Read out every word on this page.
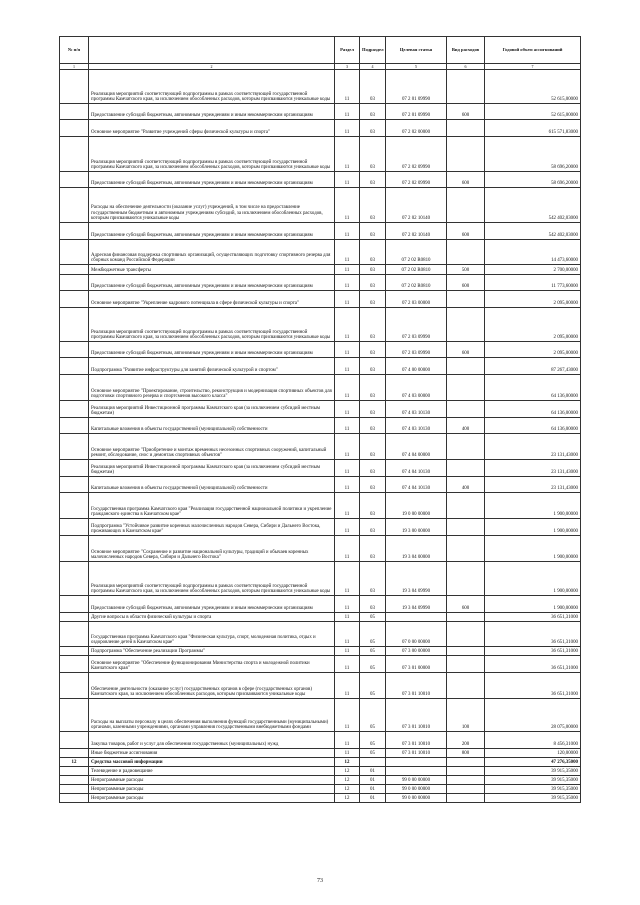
№ п/п		Раздел	Подраздел	Целевая статья	Вид расходов	Годовой объем ассигнований
1	2	3	4	5	6	7
	Реализация мероприятий соответствующей подпрограммы в рамках соответствующей государственной программы Камчатского края, за исключением обособленных расходов, которым присваиваются уникальные коды	11	03	07 2 01 09990		52 615,00000
	Предоставление субсидий бюджетным, автономным учреждениям и иным некоммерческим организациям	11	03	07 2 01 09990	600	52 615,00000
	Основное мероприятие "Развитие учреждений сферы физической культуры и спорта"	11	03	07 2 02 00000		615 571,83000
	Реализация мероприятий соответствующей подпрограммы в рамках соответствующей государственной программы Камчатского края, за исключением обособленных расходов, которым присваиваются уникальные коды	11	03	07 2 02 09990		58 696,20000
	Предоставление субсидий бюджетным, автономным учреждениям и иным некоммерческим организациям	11	03	07 2 02 09990	600	58 696,20000
	Расходы на обеспечение деятельности (оказание услуг) учреждений, в том числе на предоставление государственным бюджетным и автономным учреждениям субсидий, за исключением обособленных расходов, которым присваиваются уникальные коды	11	03	07 2 02 10140		542 402,03000
	Предоставление субсидий бюджетным, автономным учреждениям и иным некоммерческим организациям	11	03	07 2 02 10140	600	542 402,03000
	Адресная финансовая поддержка спортивных организаций, осуществляющих подготовку спортивного резерва для сборных команд Российской Федерации	11	03	07 2 02 R0810		14 473,60000
	Межбюджетные трансферты	11	03	07 2 02 R0810	500	2 700,00000
	Предоставление субсидий бюджетным, автономным учреждениям и иным некоммерческим организациям	11	03	07 2 02 R0810	600	11 773,60000
	Основное мероприятие "Укрепление кадрового потенциала в сфере физической культуры и спорта"	11	03	07 2 03 00000		2 095,00000
	Реализация мероприятий соответствующей подпрограммы в рамках соответствующей государственной программы Камчатского края, за исключением обособленных расходов, которым присваиваются уникальные коды	11	03	07 2 03 09990		2 095,00000
	Предоставление субсидий бюджетным, автономным учреждениям и иным некоммерческим организациям	11	03	07 2 03 09990	600	2 095,00000
	Подпрограмма "Развитие инфраструктуры для занятий физической культурой и спортом"	11	03	07 4 00 00000		87 267,43000
	Основное мероприятие "Проектирование, строительство, реконструкция и модернизация спортивных объектов для подготовки спортивного резерва и спортсменов высокого класса"	11	03	07 4 03 00000		64 136,00000
	Реализация мероприятий Инвестиционной программы Камчатского края (за исключением субсидий местным бюджетам)	11	03	07 4 03 10130		64 136,00000
	Капитальные вложения в объекты государственной (муниципальной) собственности	11	03	07 4 03 10130	400	64 136,00000
	Основное мероприятие "Приобретение и монтаж временных несезонных спортивных сооружений, капитальный ремонт, обследование, снос и демонтаж спортивных объектов"	11	03	07 4 04 00000		23 131,43000
	Реализация мероприятий Инвестиционной программы Камчатского края (за исключением субсидий местным бюджетам)	11	03	07 4 04 10130		23 131,43000
	Капитальные вложения в объекты государственной (муниципальной) собственности	11	03	07 4 04 10130	400	23 131,43000
	Государственная программа Камчатского края "Реализация государственной национальной политики и укрепление гражданского единства в Камчатском крае"	11	03	19 0 00 00000		1 900,00000
	Подпрограмма "Устойчивое развитие коренных малочисленных народов Севера, Сибири и Дальнего Востока, проживающих в Камчатском крае"	11	03	19 3 00 00000		1 900,00000
	Основное мероприятие "Сохранение и развитие национальной культуры, традиций и обычаев коренных малочисленных народов Севера, Сибири и Дальнего Востока"	11	03	19 3 04 00000		1 900,00000
	Реализация мероприятий соответствующей подпрограммы в рамках соответствующей государственной программы Камчатского края, за исключением обособленных расходов, которым присваиваются уникальные коды	11	03	19 3 04 09990		1 900,00000
	Предоставление субсидий бюджетным, автономным учреждениям и иным некоммерческим организациям	11	03	19 3 04 09990	600	1 900,00000
	Другие вопросы в области физической культуры и спорта	11	05			36 651,31000
	Государственная программа Камчатского края "Физическая культура, спорт, молодежная политика, отдых и оздоровление детей в Камчатском крае"	11	05	07 0 00 00000		36 651,31000
	Подпрограмма "Обеспечение реализации Программы"	11	05	07 3 00 00000		36 651,31000
	Основное мероприятие "Обеспечение функционирования Министерства спорта и молодежной политики Камчатского края"	11	05	07 3 01 00000		36 651,31000
	Обеспечение деятельности (оказание услуг) государственных органов в сфере (государственных органов) Камчатского края, за исключением обособленных расходов, которым присваиваются уникальные коды	11	05	07 3 01 10010		36 651,31000
	Расходы на выплаты персоналу в целях обеспечения выполнения функций государственными (муниципальными) органами, казенными учреждениями, органами управления государственными внебюджетными фондами	11	05	07 3 01 10010	100	28 075,00000
	Закупка товаров, работ и услуг для обеспечения государственных (муниципальных) нужд	11	05	07 3 01 10010	200	8 456,31000
	Иные бюджетные ассигнования	11	05	07 3 01 10010	800	120,00000
12	Средства массовой информации	12				47 276,35000
	Телевидение и радиовещание	12	01			39 915,35000
	Непрограммные расходы	12	01	99 0 00 00000		39 915,35000
	Непрограммные расходы	12	01	99 0 00 00000		39 915,35000
	Непрограммные расходы	12	01	99 0 00 00000		39 915,35000
73
